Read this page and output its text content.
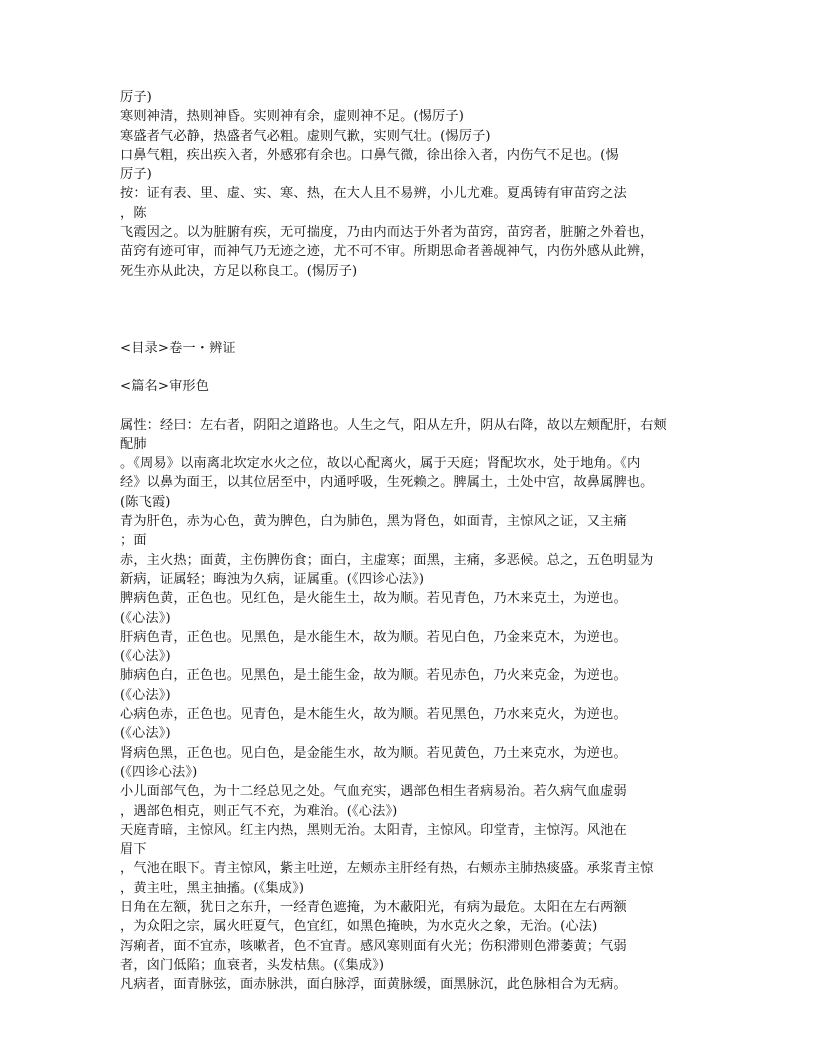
厉子)
寒则神清，热则神昏。实则神有余，虚则神不足。(惕厉子)
寒盛者气必静，热盛者气必粗。虚则气歉，实则气壮。(惕厉子)
口鼻气粗，疾出疾入者，外感邪有余也。口鼻气微，徐出徐入者，内伤气不足也。(惕
厉子)
按：证有表、里、虚、实、寒、热，在大人且不易辨，小儿尤难。夏禹铸有审苗窍之法
，陈
飞霞因之。以为脏腑有疾，无可揣度，乃由内而达于外者为苗窍，苗窍者，脏腑之外着也，
苗窍有迹可审，而神气乃无迹之迹，尤不可不审。所期思命者善觇神气，内伤外感从此辨，
死生亦从此决，方足以称良工。(惕厉子)
<目录>卷一・辨证
<篇名>审形色
属性：经曰：左右者，阴阳之道路也。人生之气，阳从左升，阴从右降，故以左颊配肝，右颊
配肺
。《周易》以南离北坎定水火之位，故以心配离火，属于天庭；肾配坎水，处于地角。《内
经》以鼻为面王，以其位居至中，内通呼吸，生死赖之。脾属土，土处中宫，故鼻属脾也。
(陈飞霞)
青为肝色，赤为心色，黄为脾色，白为肺色，黑为肾色，如面青，主惊风之证，又主痛
；面
赤，主火热；面黄，主伤脾伤食；面白，主虚寒；面黑，主痛，多恶候。总之，五色明显为
新病，证属轻；晦浊为久病，证属重。(《四诊心法》)
脾病色黄，正色也。见红色，是火能生土，故为顺。若见青色，乃木来克土，为逆也。
(《心法》)
肝病色青，正色也。见黑色，是水能生木，故为顺。若见白色，乃金来克木，为逆也。
(《心法》)
肺病色白，正色也。见黑色，是土能生金，故为顺。若见赤色，乃火来克金，为逆也。
(《心法》)
心病色赤，正色也。见青色，是木能生火，故为顺。若见黑色，乃水来克火，为逆也。
(《心法》)
肾病色黑，正色也。见白色，是金能生水，故为顺。若见黄色，乃土来克水，为逆也。
(《四诊心法》)
小儿面部气色，为十二经总见之处。气血充实，遇部色相生者病易治。若久病气血虚弱
，遇部色相克，则正气不充，为难治。(《心法》)
天庭青暗，主惊风。红主内热，黑则无治。太阳青，主惊风。印堂青，主惊泻。风池在
眉下
，气池在眼下。青主惊风，紫主吐逆，左颊赤主肝经有热，右颊赤主肺热痰盛。承浆青主惊
，黄主吐，黑主抽搐。(《集成》)
日角在左额，犹日之东升，一经青色遮掩，为木蔽阳光，有病为最危。太阳在左右两额
，为众阳之宗，属火旺夏气，色宜红，如黑色掩映，为水克火之象，无治。(心法)
泻痢者，面不宜赤，咳嗽者，色不宜青。感风寒则面有火光；伤积滞则色滞萎黄；气弱
者，囟门低陷；血衰者，头发枯焦。(《集成》)
凡病者，面青脉弦，面赤脉洪，面白脉浮，面黄脉缓，面黑脉沉，此色脉相合为无病。
